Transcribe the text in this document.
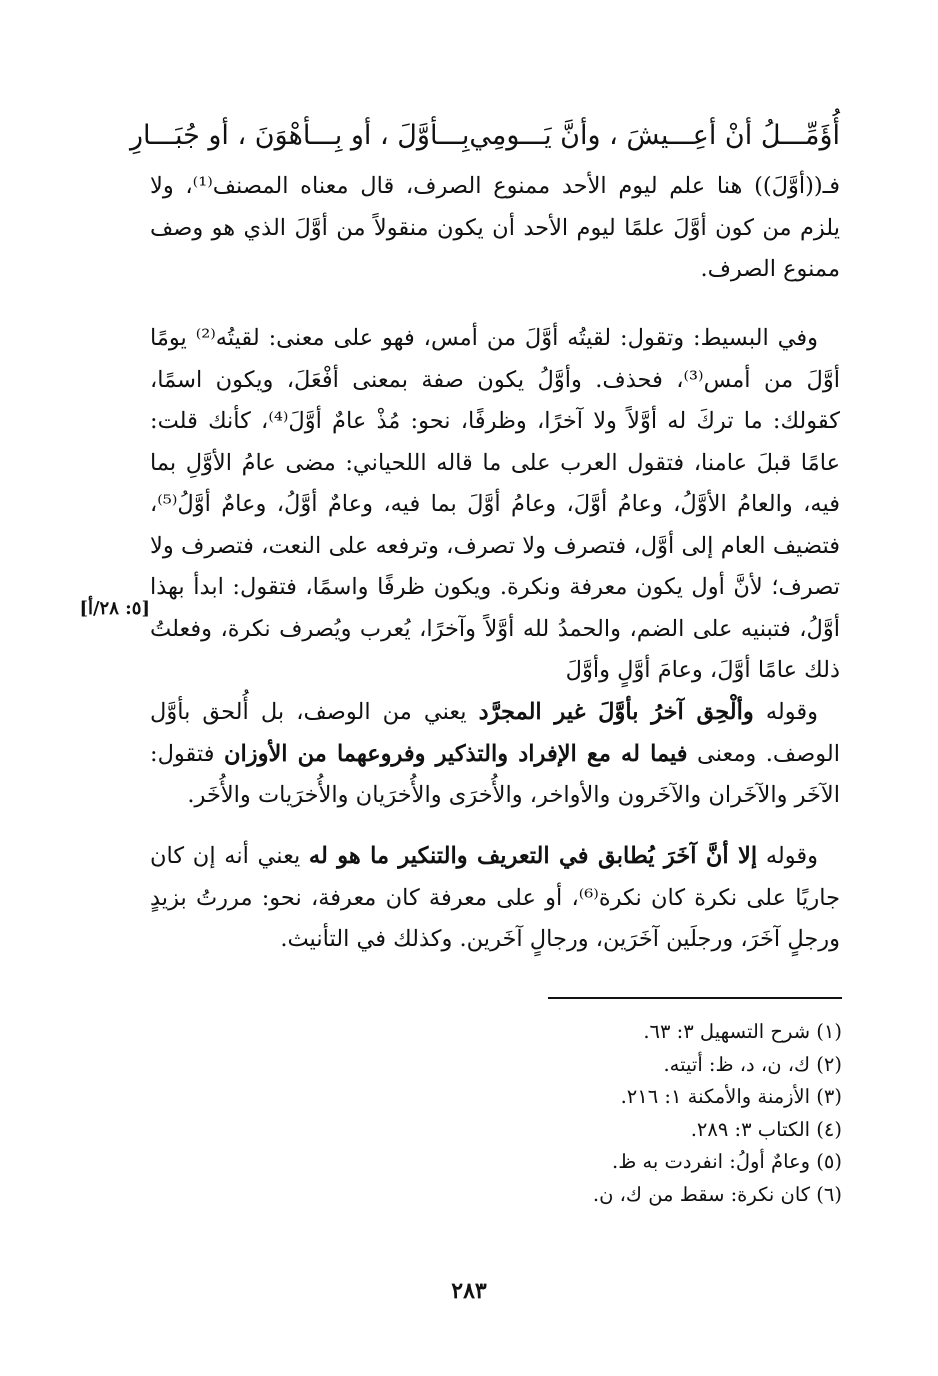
أُؤَمِّـــلُ أنْ أعِـــيشَ ، وأنَّ يَـــومِي
بِـــأوَّلَ ، أو بِـــأهْوَنَ ، أو جُبَـــارِ
فـ((أوَّلَ)) هنا علم ليوم الأحد ممنوع الصرف، قال معناه المصنف⁽¹⁾، ولا يلزم من كون أوَّلَ علمًا ليوم الأحد أن يكون منقولاً من أوَّلَ الذي هو وصف ممنوع الصرف.
وفي البسيط: وتقول: لقيتُه أوَّلَ من أمس، فهو على معنى: لقيتُه⁽²⁾ يومًا أوَّلَ من أمس⁽³⁾، فحذف. وأوَّلُ يكون صفة بمعنى أفْعَلَ، ويكون اسمًا، كقولك: ما تركَ له أوَّلاً ولا آخرًا، وظرفًا، نحو: مُذْ عامٌ أوَّلَ⁽⁴⁾، كأنك قلت: عامًا قبلَ عامنا، فتقول العرب على ما قاله اللحياني: مضى عامُ الأوَّلِ بما فيه، والعامُ الأوَّلُ، وعامُ أوَّلَ، وعامُ أوَّلَ بما فيه، وعامٌ أوَّلُ، وعامٌ أوَّلُ⁽⁵⁾، فتضيف العام إلى أوَّل، فتصرف ولا تصرف، وترفعه على النعت، فتصرف ولا تصرف؛ لأنَّ أول يكون معرفة ونكرة. ويكون ظرفًا واسمًا، فتقول: ابدأ بهذا أوَّلُ، فتبنيه على الضم، والحمدُ لله أوَّلاً وآخرًا، يُعرب ويُصرف نكرة، وفعلتُ ذلك عامًا أوَّلَ، وعامَ أوَّلٍ وأوَّلَ
[٥: ٢٨/أ]
وقوله وألْحِق آخرُ بأوَّلَ غير المجرَّد يعني من الوصف، بل أُلحق بأوَّل الوصف. ومعنى فيما له مع الإفراد والتذكير وفروعهما من الأوزان فتقول: الآخَر والآخَران والآخَرون والأواخر، والأُخرَى والأُخرَيان والأُخرَيات والأُخَر.
وقوله إلا أنَّ آخَرَ يُطابق في التعريف والتنكير ما هو له يعني أنه إن كان جاريًا على نكرة كان نكرة⁽⁶⁾، أو على معرفة كان معرفة، نحو: مررتُ بزيدٍ ورجلٍ آخَرَ، ورجلَين آخَرَين، ورجالٍ آخَرين. وكذلك في التأنيث.
(١) شرح التسهيل ٣: ٦٣.
(٢) ك، ن، د، ظ: أتيته.
(٣) الأزمنة والأمكنة ١: ٢١٦.
(٤) الكتاب ٣: ٢٨٩.
(٥) وعامٌ أولُ: انفردت به ظ.
(٦) كان نكرة: سقط من ك، ن.
٢٨٣
